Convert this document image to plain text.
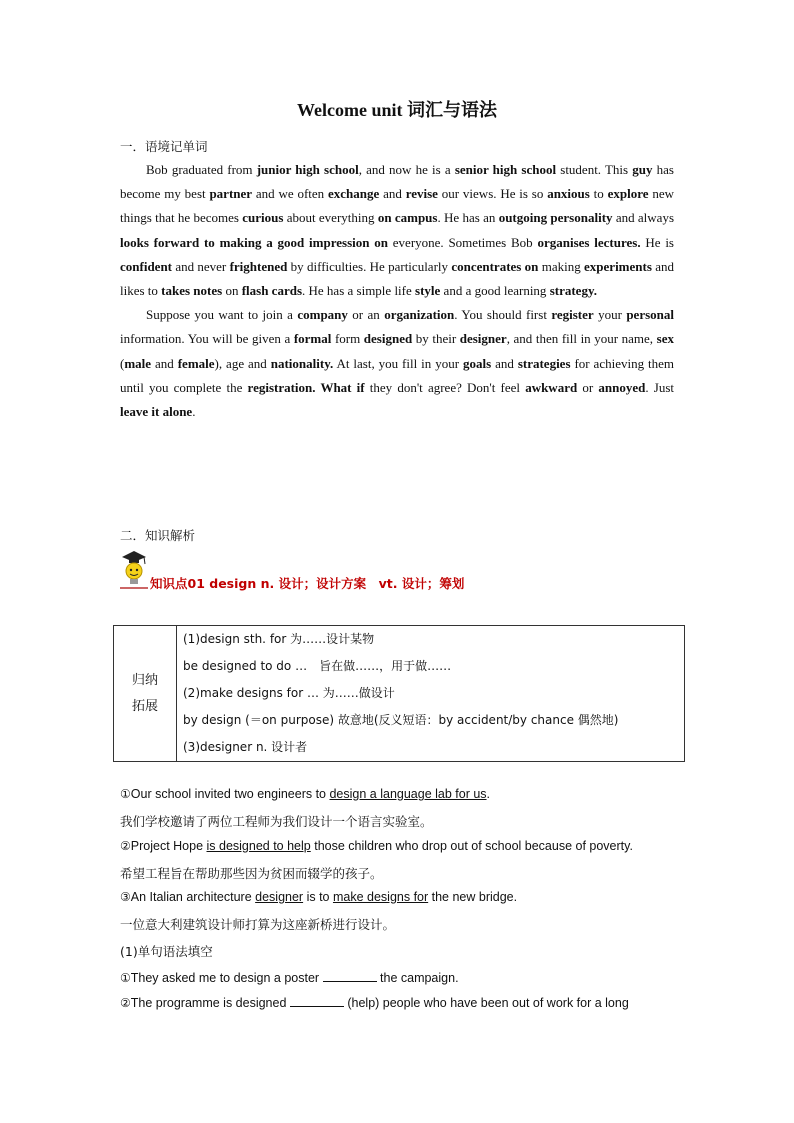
Welcome unit 词汇与语法
一．语境记单词

Bob graduated from junior high school, and now he is a senior high school student. This guy has become my best partner and we often exchange and revise our views. He is so anxious to explore new things that he becomes curious about everything on campus. He has an outgoing personality and always looks forward to making a good impression on everyone. Sometimes Bob organises lectures. He is confident and never frightened by difficulties. He particularly concentrates on making experiments and likes to takes notes on flash cards. He has a simple life style and a good learning strategy.

Suppose you want to join a company or an organization. You should first register your personal information. You will be given a formal form designed by their designer, and then fill in your name, sex (male and female), age and nationality. At last, you fill in your goals and strategies for achieving them until you complete the registration. What if they don't agree? Don't feel awkward or annoyed. Just leave it alone.

二．知识解析
知识点01 design n. 设计；设计方案　vt. 设计；筹划
归纳
拓展

(1)design sth. for 为……设计某物
be designed to do …　旨在做……，用于做……
(2)make designs for … 为……做设计
by design (＝on purpose) 故意地(反义短语：by accident/by chance 偶然地)
(3)designer n. 设计者
①Our school invited two engineers to design a language lab for us.
我们学校邀请了两位工程师为我们设计一个语言实验室。
②Project Hope is designed to help those children who drop out of school because of poverty.
希望工程旨在帮助那些因为贫困而辍学的孩子。
③An Italian architecture designer is to make designs for the new bridge.
一位意大利建筑设计师打算为这座新桥进行设计。
(1)单句语法填空
①They asked me to design a poster	the campaign.
②The programme is designed	(help) people who have been out of work for a long
